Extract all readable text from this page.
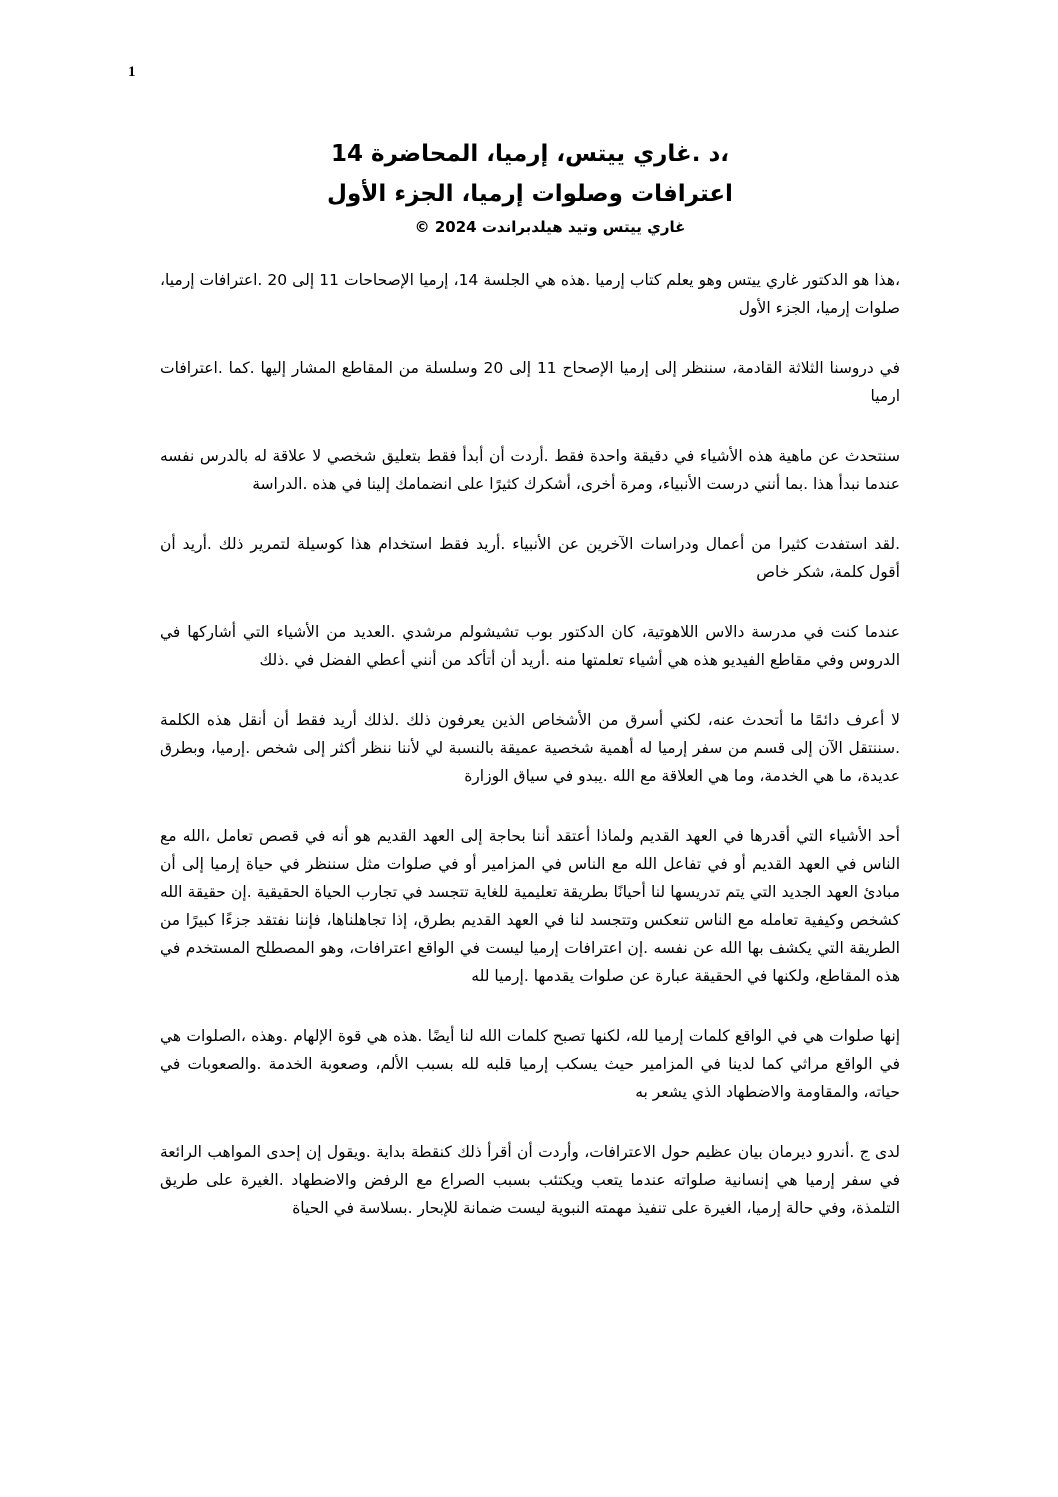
1
،د .غاري ييتس، إرميا، المحاضرة 14
اعترافات وصلوات إرميا، الجزء الأول
غاري ييتس وتيد هيلدبراندت 2024 ©

،هذا هو الدكتور غاري ييتس وهو يعلم كتاب إرميا .هذه هي الجلسة 14، إرميا الإصحاحات 11 إلى 20 .اعترافات إرميا، صلوات إرميا، الجزء الأول

في دروسنا الثلاثة القادمة، سننظر إلى إرميا الإصحاح 11 إلى 20 وسلسلة من المقاطع المشار إليها .كما .اعترافات ارميا

سنتحدث عن ماهية هذه الأشياء في دقيقة واحدة فقط .أردت أن أبدأ فقط بتعليق شخصي لا علاقة له بالدرس نفسه عندما نبدأ هذا .بما أنني درست الأنبياء، ومرة أخرى، أشكرك كثيرًا على انضمامك إلينا في هذه .الدراسة

.لقد استفدت كثيرا من أعمال ودراسات الآخرين عن الأنبياء .أريد فقط استخدام هذا كوسيلة لتمرير ذلك .أريد أن أقول كلمة، شكر خاص

عندما كنت في مدرسة دالاس اللاهوتية، كان الدكتور بوب تشيشولم مرشدي .العديد من الأشياء التي أشاركها في الدروس وفي مقاطع الفيديو هذه هي أشياء تعلمتها منه .أريد أن أتأكد من أنني أعطي الفضل في .ذلك

لا أعرف دائمًا ما أتحدث عنه، لكني أسرق من الأشخاص الذين يعرفون ذلك .لذلك أريد فقط أن أنقل هذه الكلمة .سننتقل الآن إلى قسم من سفر إرميا له أهمية شخصية عميقة بالنسبة لي لأننا ننظر أكثر إلى شخص .إرميا، وبطرق عديدة، ما هي الخدمة، وما هي العلاقة مع الله .يبدو في سياق الوزارة

أحد الأشياء التي أقدرها في العهد القديم ولماذا أعتقد أننا بحاجة إلى العهد القديم هو أنه في قصص تعامل ،الله مع الناس في العهد القديم أو في تفاعل الله مع الناس في المزامير أو في صلوات مثل سننظر في حياة إرميا إلى أن مبادئ العهد الجديد التي يتم تدريسها لنا أحيانًا بطريقة تعليمية للغاية تتجسد في تجارب الحياة الحقيقية .إن حقيقة الله كشخص وكيفية تعامله مع الناس تنعكس وتتجسد لنا في العهد القديم بطرق، إذا تجاهلناها، فإننا نفتقد جزءًا كبيرًا من الطريقة التي يكشف بها الله عن نفسه .إن اعترافات إرميا ليست في الواقع اعترافات، وهو المصطلح المستخدم في هذه المقاطع، ولكنها في الحقيقة عبارة عن صلوات يقدمها .إرميا لله

إنها صلوات هي في الواقع كلمات إرميا لله، لكنها تصبح كلمات الله لنا أيضًا .هذه هي قوة الإلهام .وهذه ،الصلوات هي في الواقع مراثي كما لدينا في المزامير حيث يسكب إرميا قلبه لله بسبب الألم، وصعوبة الخدمة .والصعوبات في حياته، والمقاومة والاضطهاد الذي يشعر به

لدى ج .أندرو ديرمان بيان عظيم حول الاعترافات، وأردت أن أقرأ ذلك كنقطة بداية .ويقول إن إحدى المواهب الرائعة في سفر إرميا هي إنسانية صلواته عندما يتعب ويكتئب بسبب الصراع مع الرفض والاضطهاد .الغيرة على طريق التلمذة، وفي حالة إرميا، الغيرة على تنفيذ مهمته النبوية ليست ضمانة للإبحار .بسلاسة في الحياة
